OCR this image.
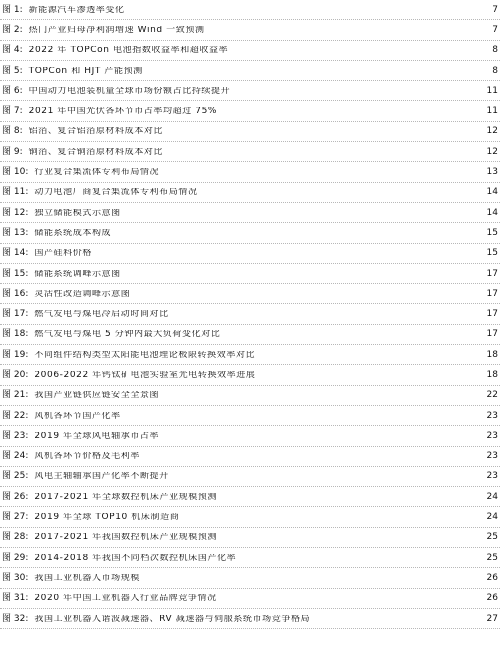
图 1: 新能源汽车渗透率变化	7
图 2: 热门产业归母净利润增速 Wind 一致预测	7
图 4: 2022 年 TOPCon 电池指数收益率和超收益率	8
图 5: TOPCon 和 HJT 产能预测	8
图 6: 中国动力电池装机量全球市场份额占比持续提升	11
图 7: 2021 年中国光伏各环节市占率均超过 75%	11
图 8: 铝箔、复合铝箔原材料成本对比	12
图 9: 铜箔、复合铜箔原材料成本对比	12
图 10: 行业复合集流体专利布局情况	13
图 11: 动力电池厂商复合集流体专利布局情况	14
图 12: 独立储能模式示意图	14
图 13: 储能系统成本构成	15
图 14: 国产硅料价格	15
图 15: 储能系统调峰示意图	17
图 16: 灵活性改造调峰示意图	17
图 17: 燃气发电与煤电冷启动时间对比	17
图 18: 燃气发电与煤电 5 分钟内最大负荷变化对比	17
图 19: 不同组件结构类型太阳能电池理论极限转换效率对比	18
图 20: 2006-2022 年钙钛矿电池实验室光电转换效率进展	18
图 21: 我国产业链供应链安全全景图	22
图 22: 风机各环节国产化率	23
图 23: 2019 年全球风电轴承市占率	23
图 24: 风机各环节价格及毛利率	23
图 25: 风电主轴轴承国产化率不断提升	23
图 26: 2017-2021 年全球数控机床产业规模预测	24
图 27: 2019 年全球 TOP10 机床制造商	24
图 28: 2017-2021 年我国数控机床产业规模预测	25
图 29: 2014-2018 年我国不同档次数控机床国产化率	25
图 30: 我国工业机器人市场规模	26
图 31: 2020 年中国工业机器人行业品牌竞争情况	26
图 32: 我国工业机器人谐波减速器、RV 减速器与伺服系统市场竞争格局	27
